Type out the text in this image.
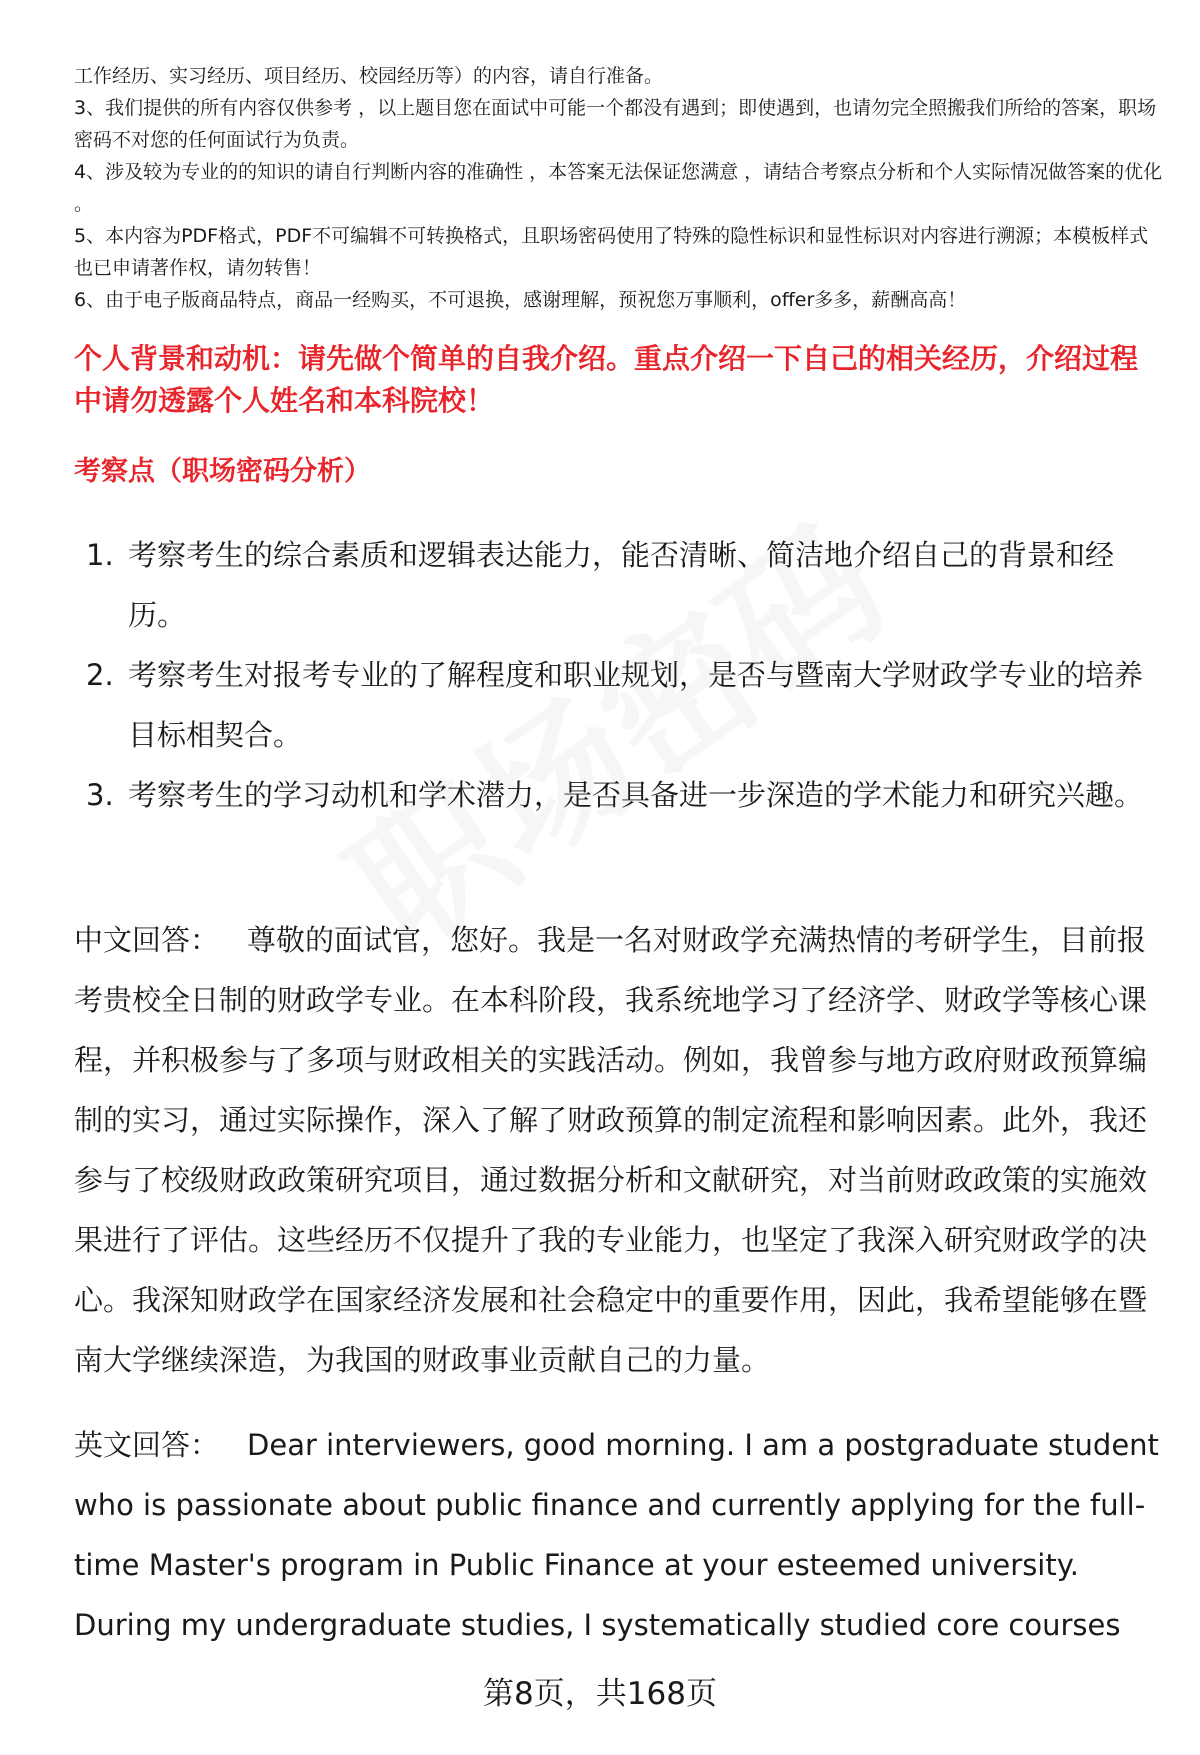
工作经历、实习经历、项目经历、校园经历等）的内容，请自行准备。

3、我们提供的所有内容仅供参考 ，以上题目您在面试中可能一个都没有遇到；即使遇到，也请勿完全照搬我们所给的答案，职场密码不对您的任何面试行为负责。

4、涉及较为专业的的知识的请自行判断内容的准确性 ，本答案无法保证您满意 ，请结合考察点分析和个人实际情况做答案的优化 。

5、本内容为PDF格式，PDF不可编辑不可转换格式，且职场密码使用了特殊的隐性标识和显性标识对内容进行溯源；本模板样式也已申请著作权，请勿转售！

6、由于电子版商品特点，商品一经购买，不可退换，感谢理解，预祝您万事顺利，offer多多，薪酬高高！

个人背景和动机：请先做个简单的自我介绍。重点介绍一下自己的相关经历，介绍过程中请勿透露个人姓名和本科院校！

考察点（职场密码分析）

1. 考察考生的综合素质和逻辑表达能力，能否清晰、简洁地介绍自己的背景和经历。
2. 考察考生对报考专业的了解程度和职业规划，是否与暨南大学财政学专业的培养目标相契合。
3. 考察考生的学习动机和学术潜力，是否具备进一步深造的学术能力和研究兴趣。

中文回答： 尊敬的面试官，您好。我是一名对财政学充满热情的考研学生，目前报考贵校全日制的财政学专业。在本科阶段，我系统地学习了经济学、财政学等核心课程，并积极参与了多项与财政相关的实践活动。例如，我曾参与地方政府财政预算编制的实习，通过实际操作，深入了解了财政预算的制定流程和影响因素。此外，我还参与了校级财政政策研究项目，通过数据分析和文献研究，对当前财政政策的实施效果进行了评估。这些经历不仅提升了我的专业能力，也坚定了我深入研究财政学的决心。我深知财政学在国家经济发展和社会稳定中的重要作用，因此，我希望能够在暨南大学继续深造，为我国的财政事业贡献自己的力量。

英文回答： Dear interviewers, good morning. I am a postgraduate student who is passionate about public finance and currently applying for the full-time Master's program in Public Finance at your esteemed university. During my undergraduate studies, I systematically studied core courses

第8页，共168页
